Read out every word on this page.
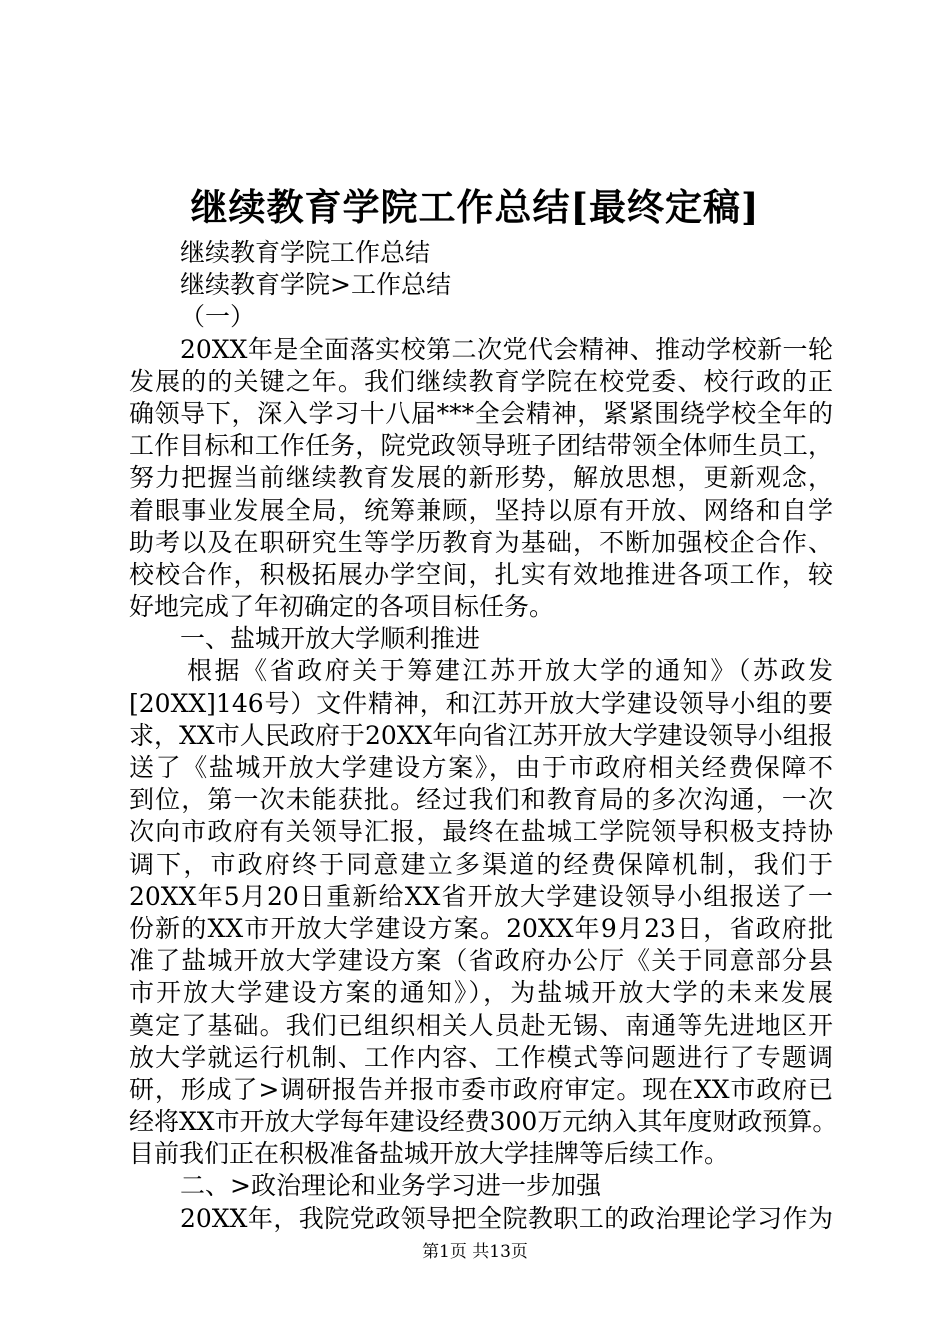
继续教育学院工作总结[最终定稿]
继续教育学院工作总结
继续教育学院>工作总结
（一）
20XX年是全面落实校第二次党代会精神、推动学校新一轮
发展的的关键之年。我们继续教育学院在校党委、校行政的正
确领导下，深入学习十八届***全会精神，紧紧围绕学校全年的
工作目标和工作任务，院党政领导班子团结带领全体师生员工，
努力把握当前继续教育发展的新形势，解放思想，更新观念，
着眼事业发展全局，统筹兼顾，坚持以原有开放、网络和自学
助考以及在职研究生等学历教育为基础，不断加强校企合作、
校校合作，积极拓展办学空间，扎实有效地推进各项工作，较
好地完成了年初确定的各项目标任务。
一、盐城开放大学顺利推进
根据《省政府关于筹建江苏开放大学的通知》（苏政发
[20XX]146号）文件精神，和江苏开放大学建设领导小组的要
求，XX市人民政府于20XX年向省江苏开放大学建设领导小组报
送了《盐城开放大学建设方案》，由于市政府相关经费保障不
到位，第一次未能获批。经过我们和教育局的多次沟通，一次
次向市政府有关领导汇报，最终在盐城工学院领导积极支持协
调下，市政府终于同意建立多渠道的经费保障机制，我们于
20XX年5月20日重新给XX省开放大学建设领导小组报送了一
份新的XX市开放大学建设方案。20XX年9月23日，省政府批
准了盐城开放大学建设方案（省政府办公厅《关于同意部分县
市开放大学建设方案的通知》），为盐城开放大学的未来发展
奠定了基础。我们已组织相关人员赴无锡、南通等先进地区开
放大学就运行机制、工作内容、工作模式等问题进行了专题调
研，形成了>调研报告并报市委市政府审定。现在XX市政府已
经将XX市开放大学每年建设经费300万元纳入其年度财政预算。
目前我们正在积极准备盐城开放大学挂牌等后续工作。
二、>政治理论和业务学习进一步加强
20XX年，我院党政领导把全院教职工的政治理论学习作为
第1页 共13页
